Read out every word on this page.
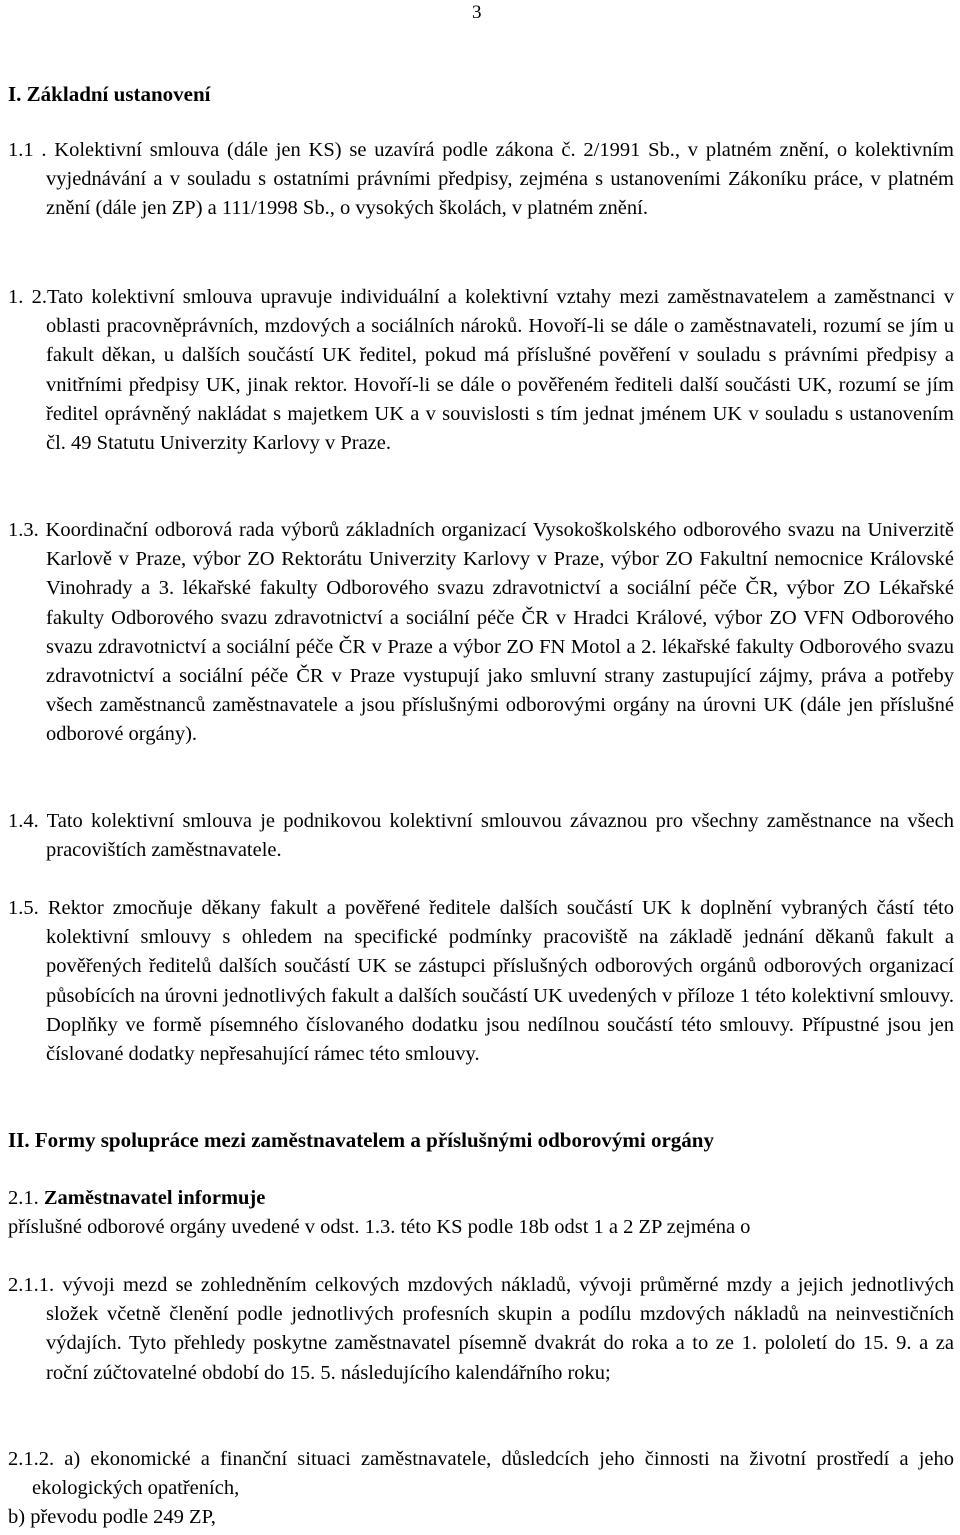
3
I. Základní ustanovení

1.1 . Kolektivní smlouva (dále jen KS) se uzavírá podle zákona č. 2/1991 Sb., v platném znění, o kolektivním vyjednávání a v souladu s ostatními právními předpisy, zejména s ustanoveními Zákoníku práce, v platném znění (dále jen ZP) a 111/1998 Sb., o vysokých školách, v platném znění.

1. 2.Tato kolektivní smlouva upravuje individuální a kolektivní vztahy mezi zaměstnavatelem a zaměstnanci v oblasti pracovněprávních, mzdových a sociálních nároků. Hovoří-li se dále o zaměstnavateli, rozumí se jím u fakult děkan, u dalších součástí UK ředitel, pokud má příslušné pověření v souladu s právními předpisy a vnitřními předpisy UK, jinak rektor. Hovoří-li se dále o pověřeném řediteli další součásti UK, rozumí se jím ředitel oprávněný nakládat s majetkem UK a v souvislosti s tím jednat jménem UK v souladu s ustanovením čl. 49 Statutu Univerzity Karlovy v Praze.

1.3. Koordinační odborová rada výborů základních organizací Vysokoškolského odborového svazu na Univerzitě Karlově v Praze, výbor ZO Rektorátu Univerzity Karlovy v Praze, výbor ZO Fakultní nemocnice Královské Vinohrady a 3. lékařské fakulty Odborového svazu zdravotnictví a sociální péče ČR, výbor ZO Lékařské fakulty Odborového svazu zdravotnictví a sociální péče ČR v Hradci Králové, výbor ZO VFN Odborového svazu zdravotnictví a sociální péče ČR v Praze a výbor ZO FN Motol a 2. lékařské fakulty Odborového svazu zdravotnictví a sociální péče ČR v Praze vystupují jako smluvní strany zastupující zájmy, práva a potřeby všech zaměstnanců zaměstnavatele a jsou příslušnými odborovými orgány na úrovni UK (dále jen příslušné odborové orgány).

1.4. Tato kolektivní smlouva je podnikovou kolektivní smlouvou závaznou pro všechny zaměstnance na všech pracovištích zaměstnavatele.

1.5. Rektor zmocňuje děkany fakult a pověřené ředitele dalších součástí UK k doplnění vybraných částí této kolektivní smlouvy s ohledem na specifické podmínky pracoviště na základě jednání děkanů fakult a pověřených ředitelů dalších součástí UK se zástupci příslušných odborových orgánů odborových organizací působících na úrovni jednotlivých fakult a dalších součástí UK uvedených v příloze 1 této kolektivní smlouvy. Doplňky ve formě písemného číslovaného dodatku jsou nedílnou součástí této smlouvy. Přípustné jsou jen číslované dodatky nepřesahující rámec této smlouvy.

II. Formy spolupráce mezi zaměstnavatelem a příslušnými odborovými orgány
2.1. Zaměstnavatel informuje
příslušné odborové orgány uvedené v odst. 1.3. této KS podle 18b odst 1 a 2 ZP zejména o

2.1.1. vývoji mezd se zohledněním celkových mzdových nákladů, vývoji průměrné mzdy a jejich jednotlivých složek včetně členění podle jednotlivých profesních skupin a podílu mzdových nákladů na neinvestičních výdajích. Tyto přehledy poskytne zaměstnavatel písemně dvakrát do roka a to ze 1. pololetí do 15. 9. a za roční zúčtovatelné období do 15. 5. následujícího kalendářního roku;

2.1.2. a) ekonomické a finanční situaci zaměstnavatele, důsledcích jeho činnosti na životní prostředí a jeho ekologických opatřeních,

b) převodu podle 249 ZP,
